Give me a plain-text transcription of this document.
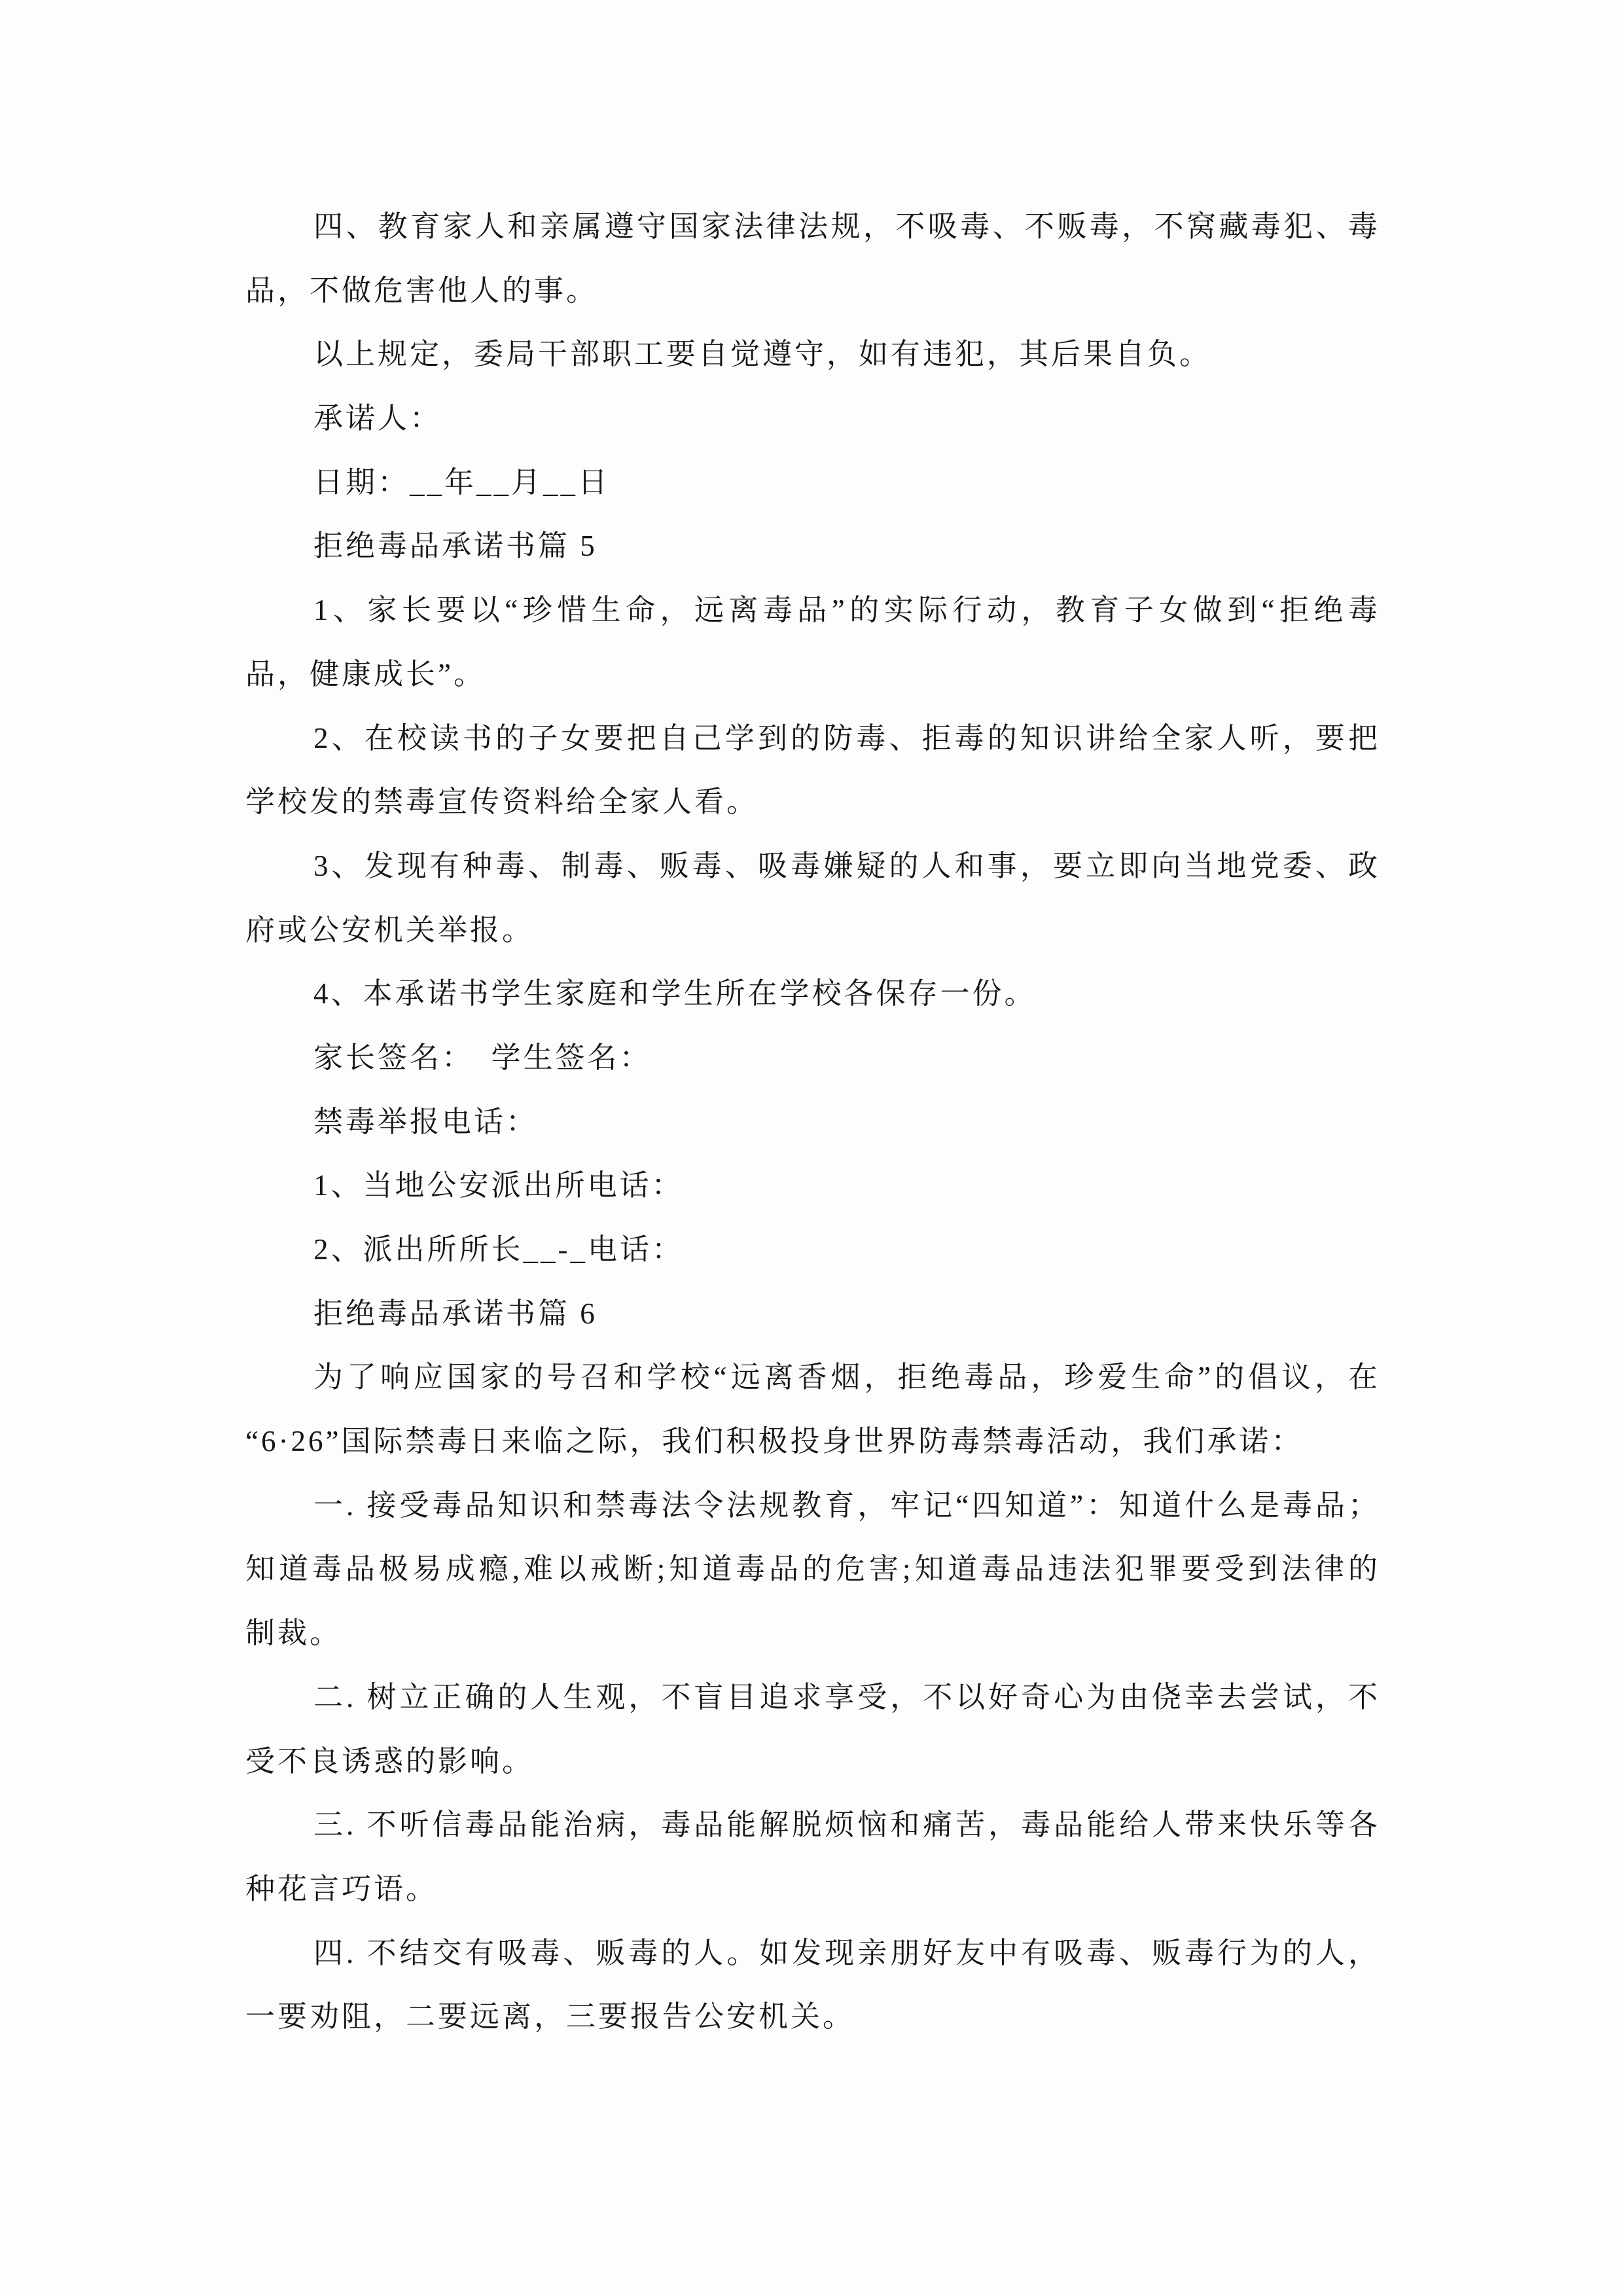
四、教育家人和亲属遵守国家法律法规，不吸毒、不贩毒，不窝藏毒犯、毒
品，不做危害他人的事。
以上规定，委局干部职工要自觉遵守，如有违犯，其后果自负。
承诺人：
日期：__年__月__日
拒绝毒品承诺书篇 5
1、家长要以“珍惜生命，远离毒品”的实际行动，教育子女做到“拒绝毒
品，健康成长”。
2、在校读书的子女要把自己学到的防毒、拒毒的知识讲给全家人听，要把
学校发的禁毒宣传资料给全家人看。
3、发现有种毒、制毒、贩毒、吸毒嫌疑的人和事，要立即向当地党委、政
府或公安机关举报。
4、本承诺书学生家庭和学生所在学校各保存一份。
家长签名：　学生签名：
禁毒举报电话：
1、当地公安派出所电话：
2、派出所所长__-_电话：
拒绝毒品承诺书篇 6
为了响应国家的号召和学校“远离香烟，拒绝毒品，珍爱生命”的倡议，在
“6·26”国际禁毒日来临之际，我们积极投身世界防毒禁毒活动，我们承诺：
一. 接受毒品知识和禁毒法令法规教育，牢记“四知道”：知道什么是毒品；
知道毒品极易成瘾,难以戒断;知道毒品的危害;知道毒品违法犯罪要受到法律的
制裁。
二. 树立正确的人生观，不盲目追求享受，不以好奇心为由侥幸去尝试，不
受不良诱惑的影响。
三. 不听信毒品能治病，毒品能解脱烦恼和痛苦，毒品能给人带来快乐等各
种花言巧语。
四. 不结交有吸毒、贩毒的人。如发现亲朋好友中有吸毒、贩毒行为的人，
一要劝阻，二要远离，三要报告公安机关。
